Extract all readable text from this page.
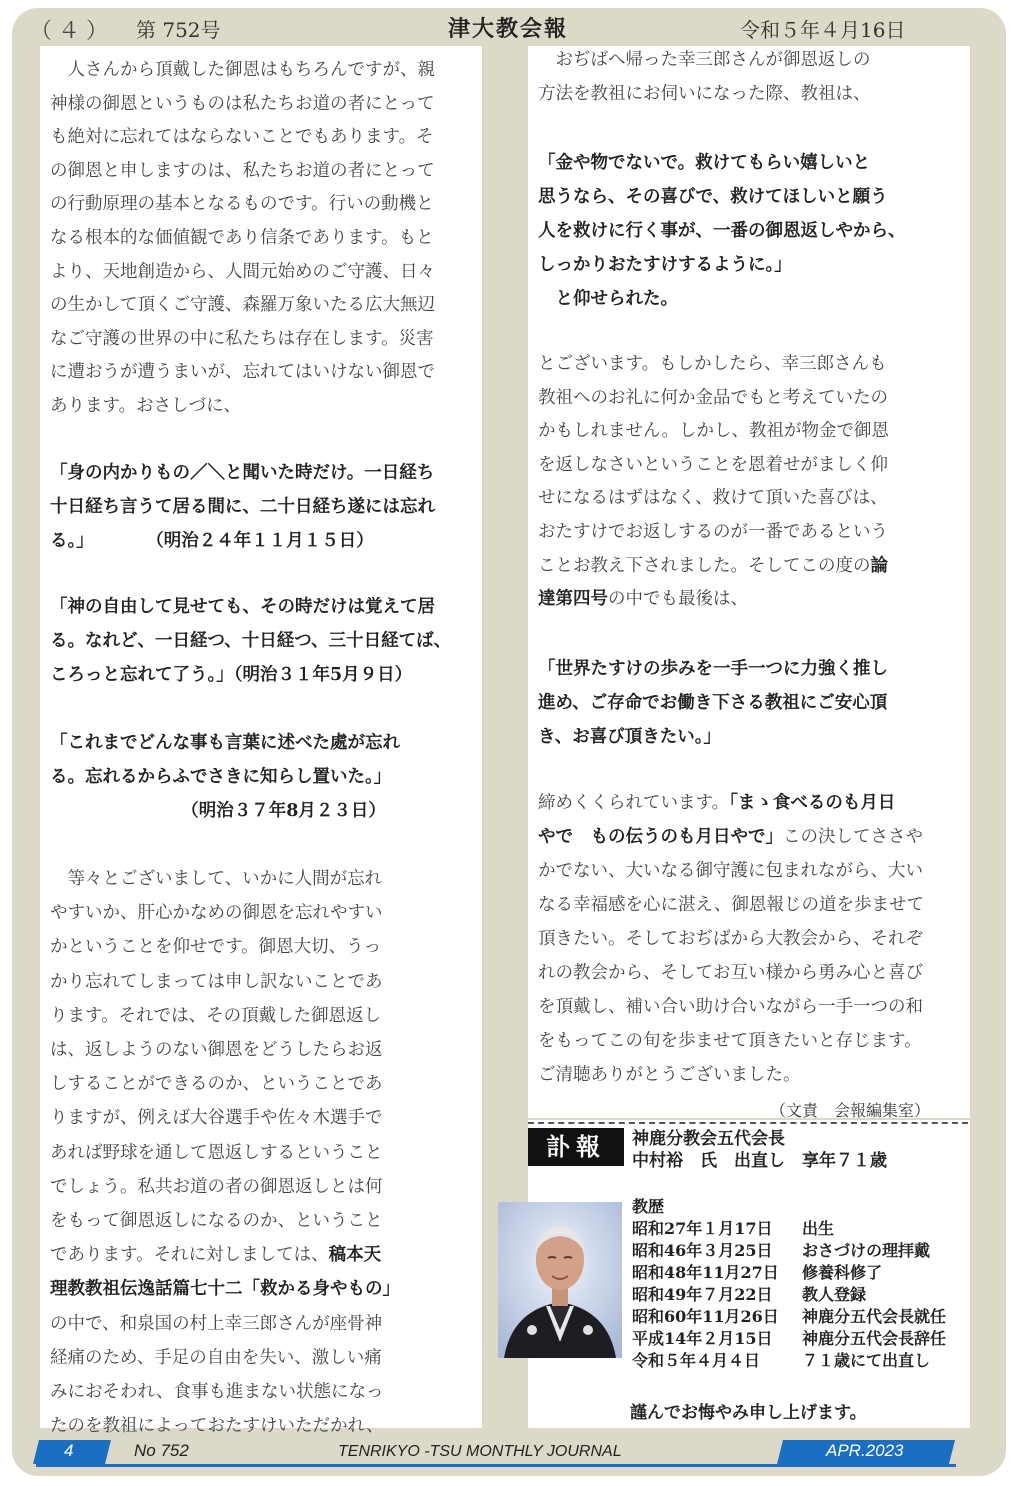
（４） 第 752号	津大教会報	令和５年４月16日
　人さんから頂戴した御恩はもちろんですが、親
神様の御恩というものは私たちお道の者にとって
も絶対に忘れてはならないことでもあります。そ
の御恩と申しますのは、私たちお道の者にとって
の行動原理の基本となるものです。行いの動機と
なる根本的な価値観であり信条であります。もと
より、天地創造から、人間元始めのご守護、日々
の生かして頂くご守護、森羅万象いたる広大無辺
なご守護の世界の中に私たちは存在します。災害
に遭おうが遭うまいが、忘れてはいけない御恩で
あります。おさしづに、
「身の内かりもの／＼と聞いた時だけ。一日経ち
十日経ち言うて居る間に、二十日経ち遂には忘れ
る。」　　　　（明治２４年１１月１５日）
「神の自由して見せても、その時だけは覚えて居
る。なれど、一日経つ、十日経つ、三十日経てば、
ころっと忘れて了う。」（明治３１年5月９日）
「これまでどんな事も言葉に述べた處が忘れ
る。忘れるからふでさきに知らし置いた。」
　　　　　　　　（明治３７年8月２３日）
　等々とございまして、いかに人間が忘れ
やすいか、肝心かなめの御恩を忘れやすい
かということを仰せです。御恩大切、うっ
かり忘れてしまっては申し訳ないことであ
ります。それでは、その頂戴した御恩返し
は、返しようのない御恩をどうしたらお返
しすることができるのか、ということであ
りますが、例えば大谷選手や佐々木選手で
あれば野球を通して恩返しするということ
でしょう。私共お道の者の御恩返しとは何
をもって御恩返しになるのか、ということ
であります。それに対しましては、稿本天
理教教祖伝逸話篇七十二「救かる身やもの」
の中で、和泉国の村上幸三郎さんが座骨神
経痛のため、手足の自由を失い、激しい痛
みにおそわれ、食事も進まない状態になっ
たのを教祖によっておたすけいただかれ、
　おぢばへ帰った幸三郎さんが御恩返しの
方法を教祖にお伺いになった際、教祖は、
「金や物でないで。救けてもらい嬉しいと
思うなら、その喜びで、救けてほしいと願う
人を救けに行く事が、一番の御恩返しやから、
しっかりおたすけするように。」
　と仰せられた。
とございます。もしかしたら、幸三郎さんも
教祖へのお礼に何か金品でもと考えていたの
かもしれません。しかし、教祖が物金で御恩
を返しなさいということを恩着せがましく仰
せになるはずはなく、救けて頂いた喜びは、
おたすけでお返しするのが一番であるという
ことお教え下されました。そしてこの度の論
達第四号の中でも最後は、
「世界たすけの歩みを一手一つに力強く推し
進め、ご存命でお働き下さる教祖にご安心頂
き、お喜び頂きたい。」
締めくくられています。「まゝ食べるのも月日
やで　もの伝うのも月日やで」この決してささや
かでない、大いなる御守護に包まれながら、大い
なる幸福感を心に湛え、御恩報じの道を歩ませて
頂きたい。そしておぢばから大教会から、それぞ
れの教会から、そしてお互い様から勇み心と喜び
を頂戴し、補い合い助け合いながら一手一つの和
をもってこの旬を歩ませて頂きたいと存じます。
ご清聴ありがとうございました。
（文責　会報編集室）
訃報	神鹿分教会五代会長
中村裕　氏　出直し　享年７１歳
教歴
昭和27年１月17日	出生
昭和46年３月25日	おさづけの理拝戴
昭和48年11月27日	修養科修了
昭和49年７月22日	教人登録
昭和60年11月26日	神鹿分五代会長就任
平成14年２月15日	神鹿分五代会長辞任
令和５年４月４日	７１歳にて出直し
謹んでお悔やみ申し上げます。
4	No 752	TENRIKYO -TSU MONTHLY JOURNAL	APR.2023
